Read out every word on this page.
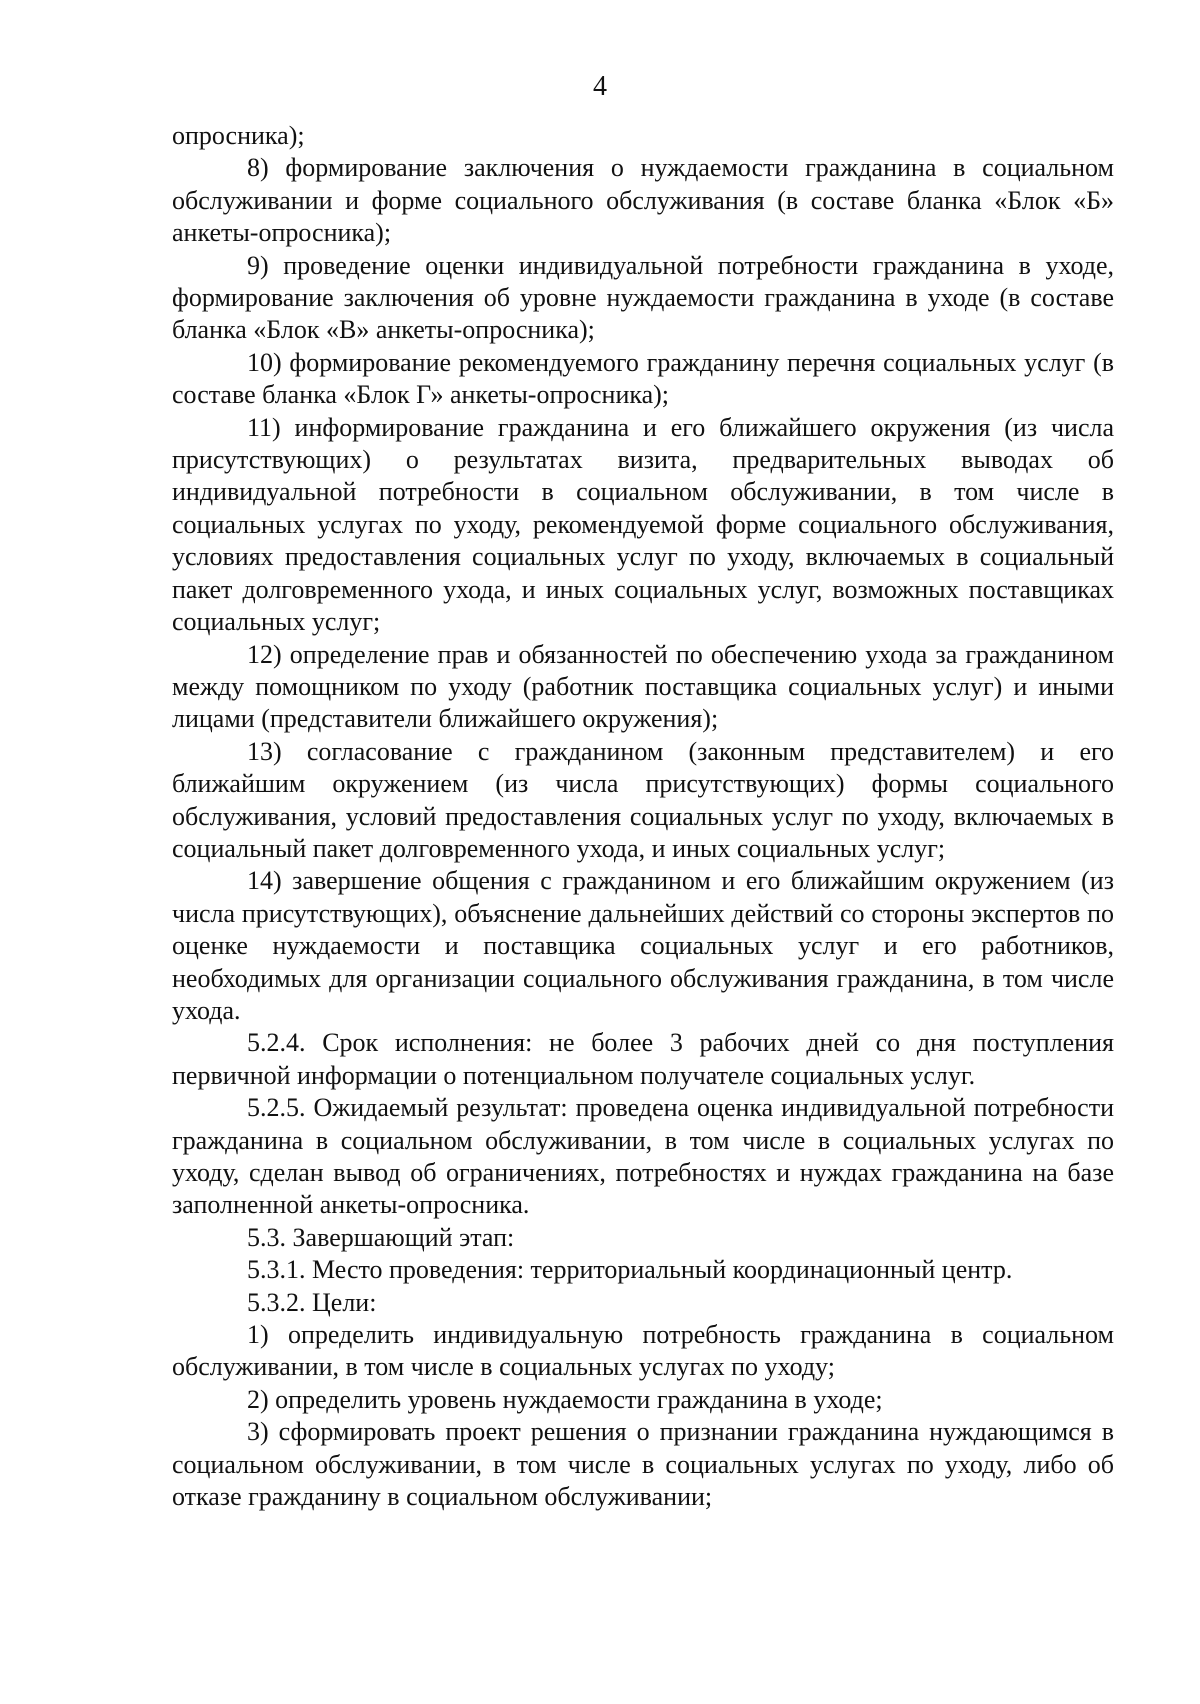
4

опросника);

8) формирование заключения о нуждаемости гражданина в социальном обслуживании и форме социального обслуживания (в составе бланка «Блок «Б» анкеты-опросника);

9) проведение оценки индивидуальной потребности гражданина в уходе, формирование заключения об уровне нуждаемости гражданина в уходе (в составе бланка «Блок «В» анкеты-опросника);

10) формирование рекомендуемого гражданину перечня социальных услуг (в составе бланка «Блок Г» анкеты-опросника);

11) информирование гражданина и его ближайшего окружения (из числа присутствующих) о результатах визита, предварительных выводах об индивидуальной потребности в социальном обслуживании, в том числе в социальных услугах по уходу, рекомендуемой форме социального обслуживания, условиях предоставления социальных услуг по уходу, включаемых в социальный пакет долговременного ухода, и иных социальных услуг, возможных поставщиках социальных услуг;

12) определение прав и обязанностей по обеспечению ухода за гражданином между помощником по уходу (работник поставщика социальных услуг) и иными лицами (представители ближайшего окружения);

13) согласование с гражданином (законным представителем) и его ближайшим окружением (из числа присутствующих) формы социального обслуживания, условий предоставления социальных услуг по уходу, включаемых в социальный пакет долговременного ухода, и иных социальных услуг;

14) завершение общения с гражданином и его ближайшим окружением (из числа присутствующих), объяснение дальнейших действий со стороны экспертов по оценке нуждаемости и поставщика социальных услуг и его работников, необходимых для организации социального обслуживания гражданина, в том числе ухода.

5.2.4. Срок исполнения: не более 3 рабочих дней со дня поступления первичной информации о потенциальном получателе социальных услуг.

5.2.5. Ожидаемый результат: проведена оценка индивидуальной потребности гражданина в социальном обслуживании, в том числе в социальных услугах по уходу, сделан вывод об ограничениях, потребностях и нуждах гражданина на базе заполненной анкеты-опросника.

5.3. Завершающий этап:

5.3.1. Место проведения: территориальный координационный центр.

5.3.2. Цели:

1) определить индивидуальную потребность гражданина в социальном обслуживании, в том числе в социальных услугах по уходу;

2) определить уровень нуждаемости гражданина в уходе;

3) сформировать проект решения о признании гражданина нуждающимся в социальном обслуживании, в том числе в социальных услугах по уходу, либо об отказе гражданину в социальном обслуживании;
